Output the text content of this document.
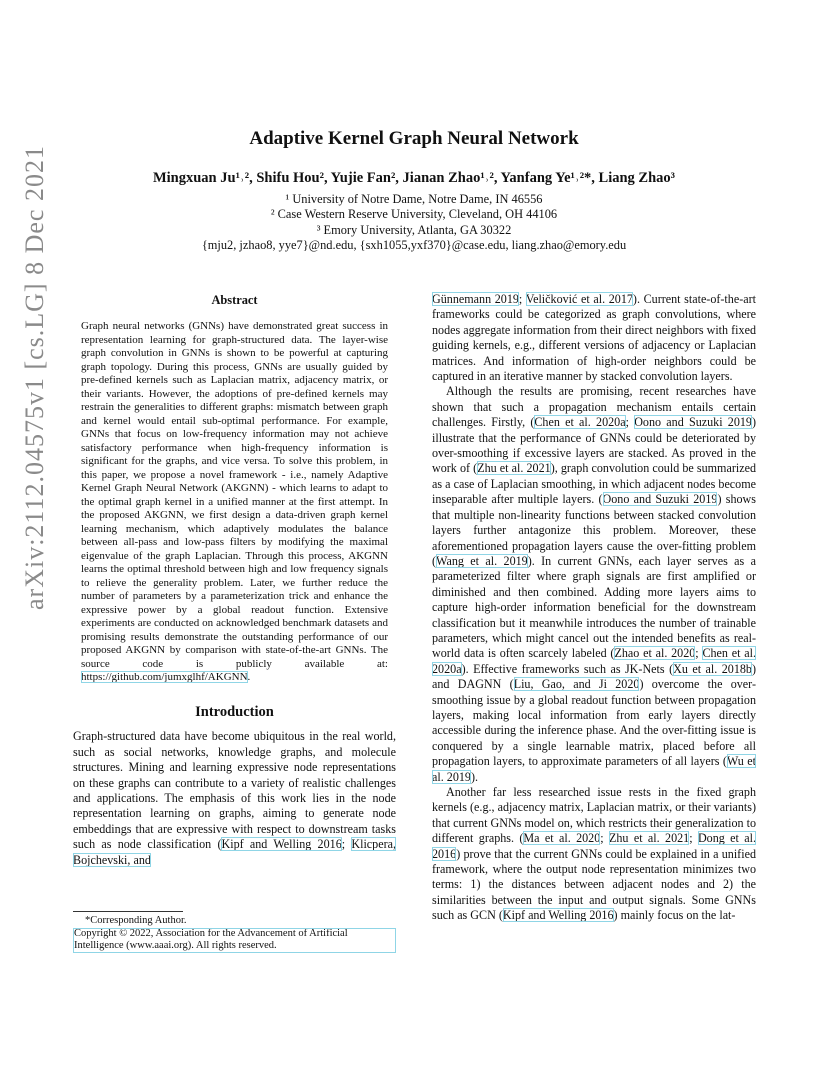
arXiv:2112.04575v1 [cs.LG] 8 Dec 2021
Adaptive Kernel Graph Neural Network
Mingxuan Ju¹˒², Shifu Hou², Yujie Fan², Jianan Zhao¹˒², Yanfang Ye¹˒²*, Liang Zhao³
¹ University of Notre Dame, Notre Dame, IN 46556
² Case Western Reserve University, Cleveland, OH 44106
³ Emory University, Atlanta, GA 30322
{mju2, jzhao8, yye7}@nd.edu, {sxh1055,yxf370}@case.edu, liang.zhao@emory.edu
Abstract
Graph neural networks (GNNs) have demonstrated great success in representation learning for graph-structured data. The layer-wise graph convolution in GNNs is shown to be powerful at capturing graph topology. During this process, GNNs are usually guided by pre-defined kernels such as Laplacian matrix, adjacency matrix, or their variants. However, the adoptions of pre-defined kernels may restrain the generalities to different graphs: mismatch between graph and kernel would entail sub-optimal performance. For example, GNNs that focus on low-frequency information may not achieve satisfactory performance when high-frequency information is significant for the graphs, and vice versa. To solve this problem, in this paper, we propose a novel framework - i.e., namely Adaptive Kernel Graph Neural Network (AKGNN) - which learns to adapt to the optimal graph kernel in a unified manner at the first attempt. In the proposed AKGNN, we first design a data-driven graph kernel learning mechanism, which adaptively modulates the balance between all-pass and low-pass filters by modifying the maximal eigenvalue of the graph Laplacian. Through this process, AKGNN learns the optimal threshold between high and low frequency signals to relieve the generality problem. Later, we further reduce the number of parameters by a parameterization trick and enhance the expressive power by a global readout function. Extensive experiments are conducted on acknowledged benchmark datasets and promising results demonstrate the outstanding performance of our proposed AKGNN by comparison with state-of-the-art GNNs. The source code is publicly available at: https://github.com/jumxglhf/AKGNN.
Introduction

Graph-structured data have become ubiquitous in the real world, such as social networks, knowledge graphs, and molecule structures. Mining and learning expressive node representations on these graphs can contribute to a variety of realistic challenges and applications. The emphasis of this work lies in the node representation learning on graphs, aiming to generate node embeddings that are expressive with respect to downstream tasks such as node classification (Kipf and Welling 2016; Klicpera, Bojchevski, and

*Corresponding Author.
Copyright © 2022, Association for the Advancement of Artificial Intelligence (www.aaai.org). All rights reserved.

Günnemann 2019; Veličković et al. 2017). Current state-of-the-art frameworks could be categorized as graph convolutions, where nodes aggregate information from their direct neighbors with fixed guiding kernels, e.g., different versions of adjacency or Laplacian matrices. And information of high-order neighbors could be captured in an iterative manner by stacked convolution layers.

Although the results are promising, recent researches have shown that such a propagation mechanism entails certain challenges. Firstly, (Chen et al. 2020a; Oono and Suzuki 2019) illustrate that the performance of GNNs could be deteriorated by over-smoothing if excessive layers are stacked. As proved in the work of (Zhu et al. 2021), graph convolution could be summarized as a case of Laplacian smoothing, in which adjacent nodes become inseparable after multiple layers. (Oono and Suzuki 2019) shows that multiple non-linearity functions between stacked convolution layers further antagonize this problem. Moreover, these aforementioned propagation layers cause the over-fitting problem (Wang et al. 2019). In current GNNs, each layer serves as a parameterized filter where graph signals are first amplified or diminished and then combined. Adding more layers aims to capture high-order information beneficial for the downstream classification but it meanwhile introduces the number of trainable parameters, which might cancel out the intended benefits as real-world data is often scarcely labeled (Zhao et al. 2020; Chen et al. 2020a). Effective frameworks such as JK-Nets (Xu et al. 2018b) and DAGNN (Liu, Gao, and Ji 2020) overcome the over-smoothing issue by a global readout function between propagation layers, making local information from early layers directly accessible during the inference phase. And the over-fitting issue is conquered by a single learnable matrix, placed before all propagation layers, to approximate parameters of all layers (Wu et al. 2019).

Another far less researched issue rests in the fixed graph kernels (e.g., adjacency matrix, Laplacian matrix, or their variants) that current GNNs model on, which restricts their generalization to different graphs. (Ma et al. 2020; Zhu et al. 2021; Dong et al. 2016) prove that the current GNNs could be explained in a unified framework, where the output node representation minimizes two terms: 1) the distances between adjacent nodes and 2) the similarities between the input and output signals. Some GNNs such as GCN (Kipf and Welling 2016) mainly focus on the lat-
